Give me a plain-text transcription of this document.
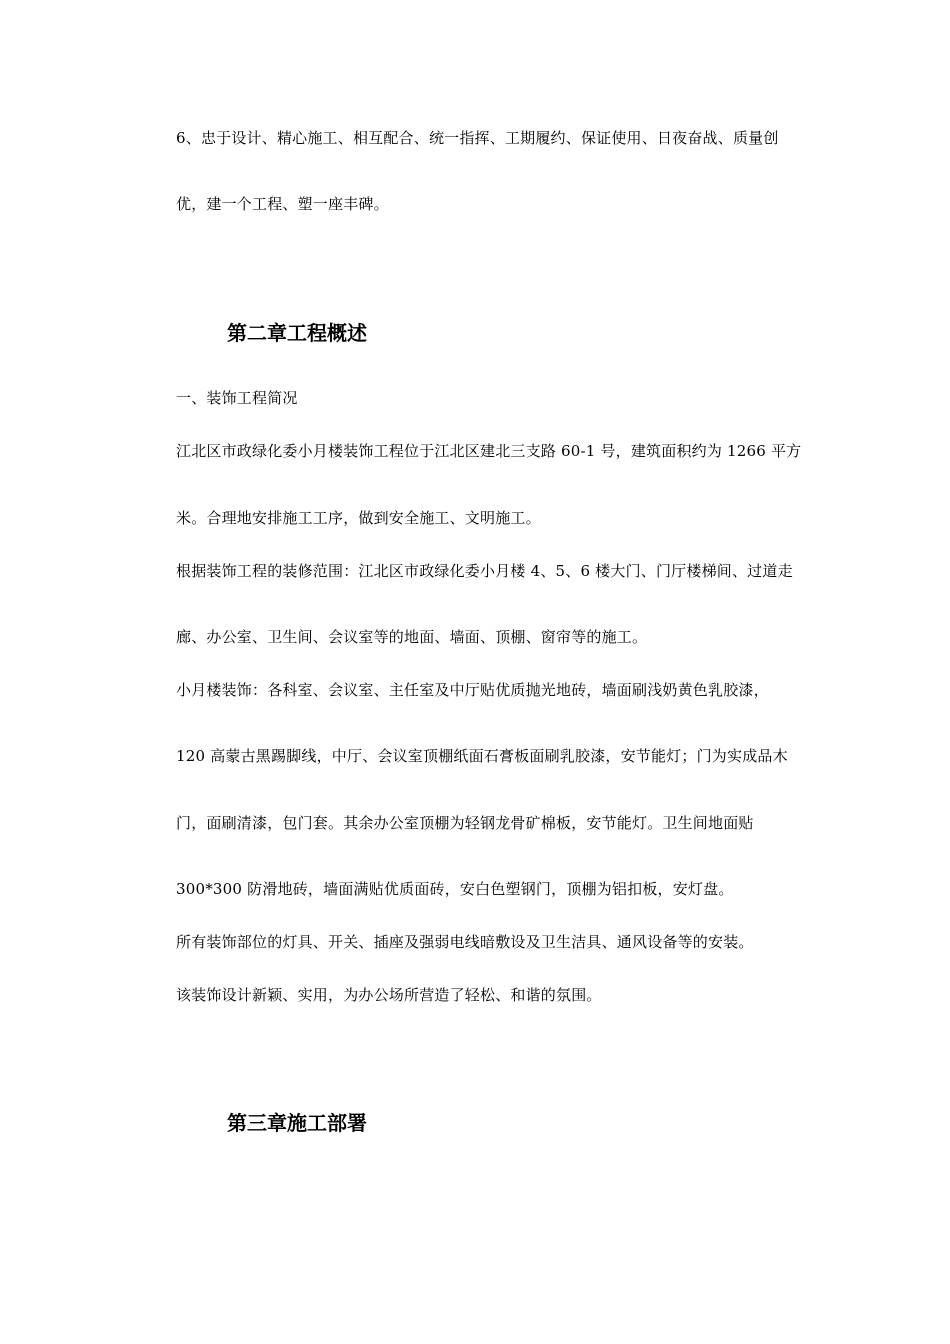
6、忠于设计、精心施工、相互配合、统一指挥、工期履约、保证使用、日夜奋战、质量创
优，建一个工程、塑一座丰碑。
第二章工程概述
一、装饰工程简况
江北区市政绿化委小月楼装饰工程位于江北区建北三支路 60-1 号，建筑面积约为 1266 平方
米。合理地安排施工工序，做到安全施工、文明施工。
根据装饰工程的装修范围：江北区市政绿化委小月楼 4、5、6 楼大门、门厅楼梯间、过道走
廊、办公室、卫生间、会议室等的地面、墙面、顶棚、窗帘等的施工。
小月楼装饰：各科室、会议室、主任室及中厅贴优质抛光地砖，墙面刷浅奶黄色乳胶漆，
120 高蒙古黑踢脚线，中厅、会议室顶棚纸面石膏板面刷乳胶漆，安节能灯；门为实成品木
门，面刷清漆，包门套。其余办公室顶棚为轻钢龙骨矿棉板，安节能灯。卫生间地面贴
300*300 防滑地砖，墙面满贴优质面砖，安白色塑钢门，顶棚为铝扣板，安灯盘。
所有装饰部位的灯具、开关、插座及强弱电线暗敷设及卫生洁具、通风设备等的安装。
该装饰设计新颖、实用，为办公场所营造了轻松、和谐的氛围。
第三章施工部署
